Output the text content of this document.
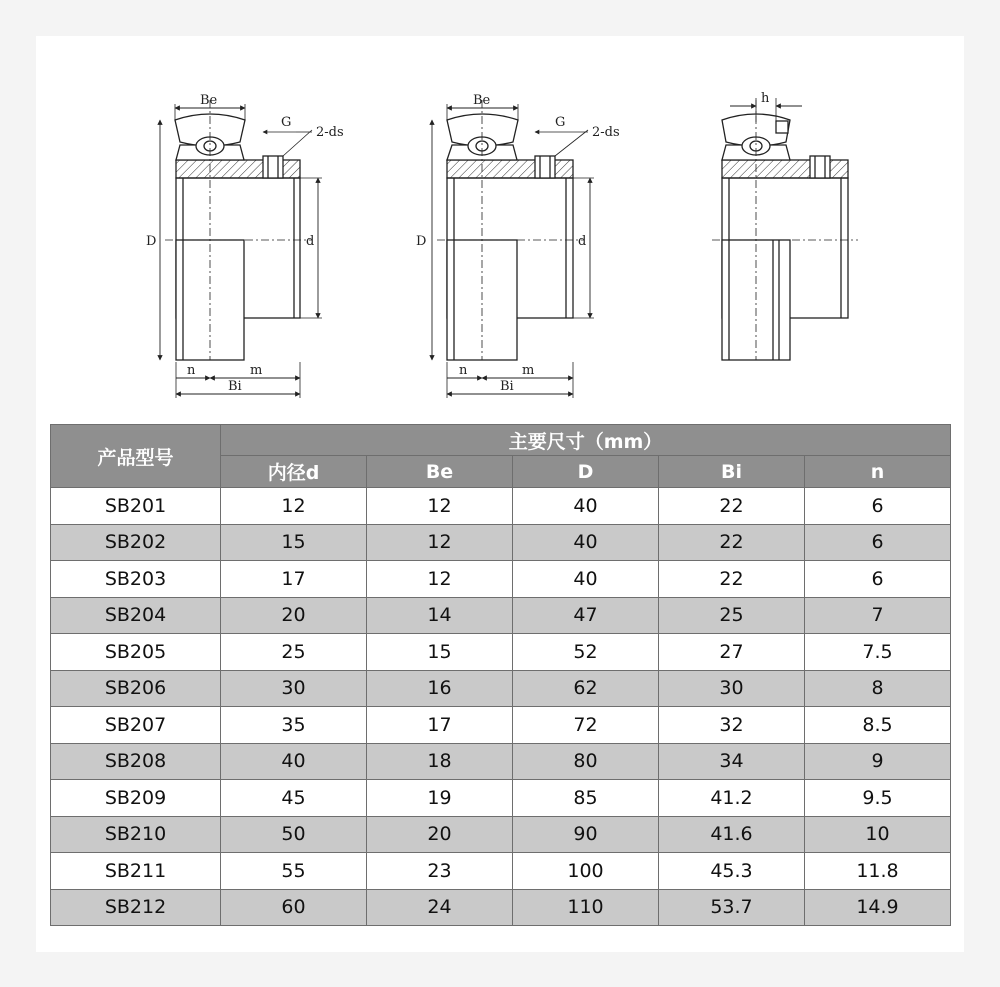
Be
G
2-ds
D	d
n	m
Bi
Be
G
2-ds
D	d
n	m
Bi
h
产品型号	主要尺寸（mm）				
	内径d	Be	D	Bi	n
SB201	12	12	40	22	6
SB202	15	12	40	22	6
SB203	17	12	40	22	6
SB204	20	14	47	25	7
SB205	25	15	52	27	7.5
SB206	30	16	62	30	8
SB207	35	17	72	32	8.5
SB208	40	18	80	34	9
SB209	45	19	85	41.2	9.5
SB210	50	20	90	41.6	10
SB211	55	23	100	45.3	11.8
SB212	60	24	110	53.7	14.9
